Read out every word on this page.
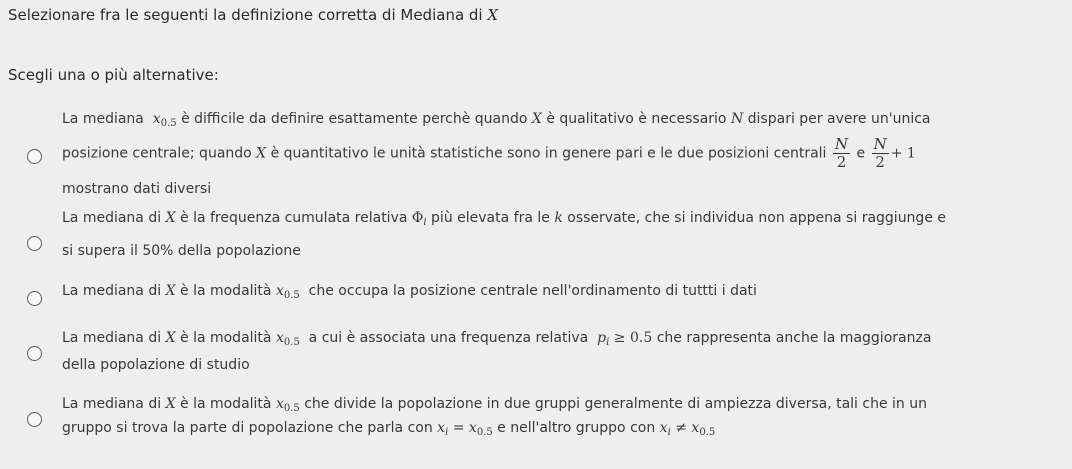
Selezionare fra le seguenti la definizione corretta di Mediana di X
Scegli una o più alternative:
La mediana $x_{0.5}$ è difficile da definire esattamente perchè quando X è qualitativo è necessario N dispari per avere un'unica
posizione centrale; quando X è quantitativo le unità statistiche sono in genere pari e le due posizioni centrali $\frac{N}{2}$ e $\frac{N}{2} + 1$
mostrano dati diversi
La mediana di X è la frequenza cumulata relativa $\Phi_i$ più elevata fra le k osservate, che si individua non appena si raggiunge e
si supera il 50% della popolazione
La mediana di X è la modalità $x_{0.5}$ che occupa la posizione centrale nell'ordinamento di tuttti i dati
La mediana di X è la modalità $x_{0.5}$ a cui è associata una frequenza relativa $p_i \ge 0.5$ che rappresenta anche la maggioranza
della popolazione di studio
La mediana di X è la modalità $x_{0.5}$ che divide la popolazione in due gruppi generalmente di ampiezza diversa, tali che in un
gruppo si trova la parte di popolazione che parla con $x_i = x_{0.5}$ e nell'altro gruppo con $x_i \ne x_{0.5}$
